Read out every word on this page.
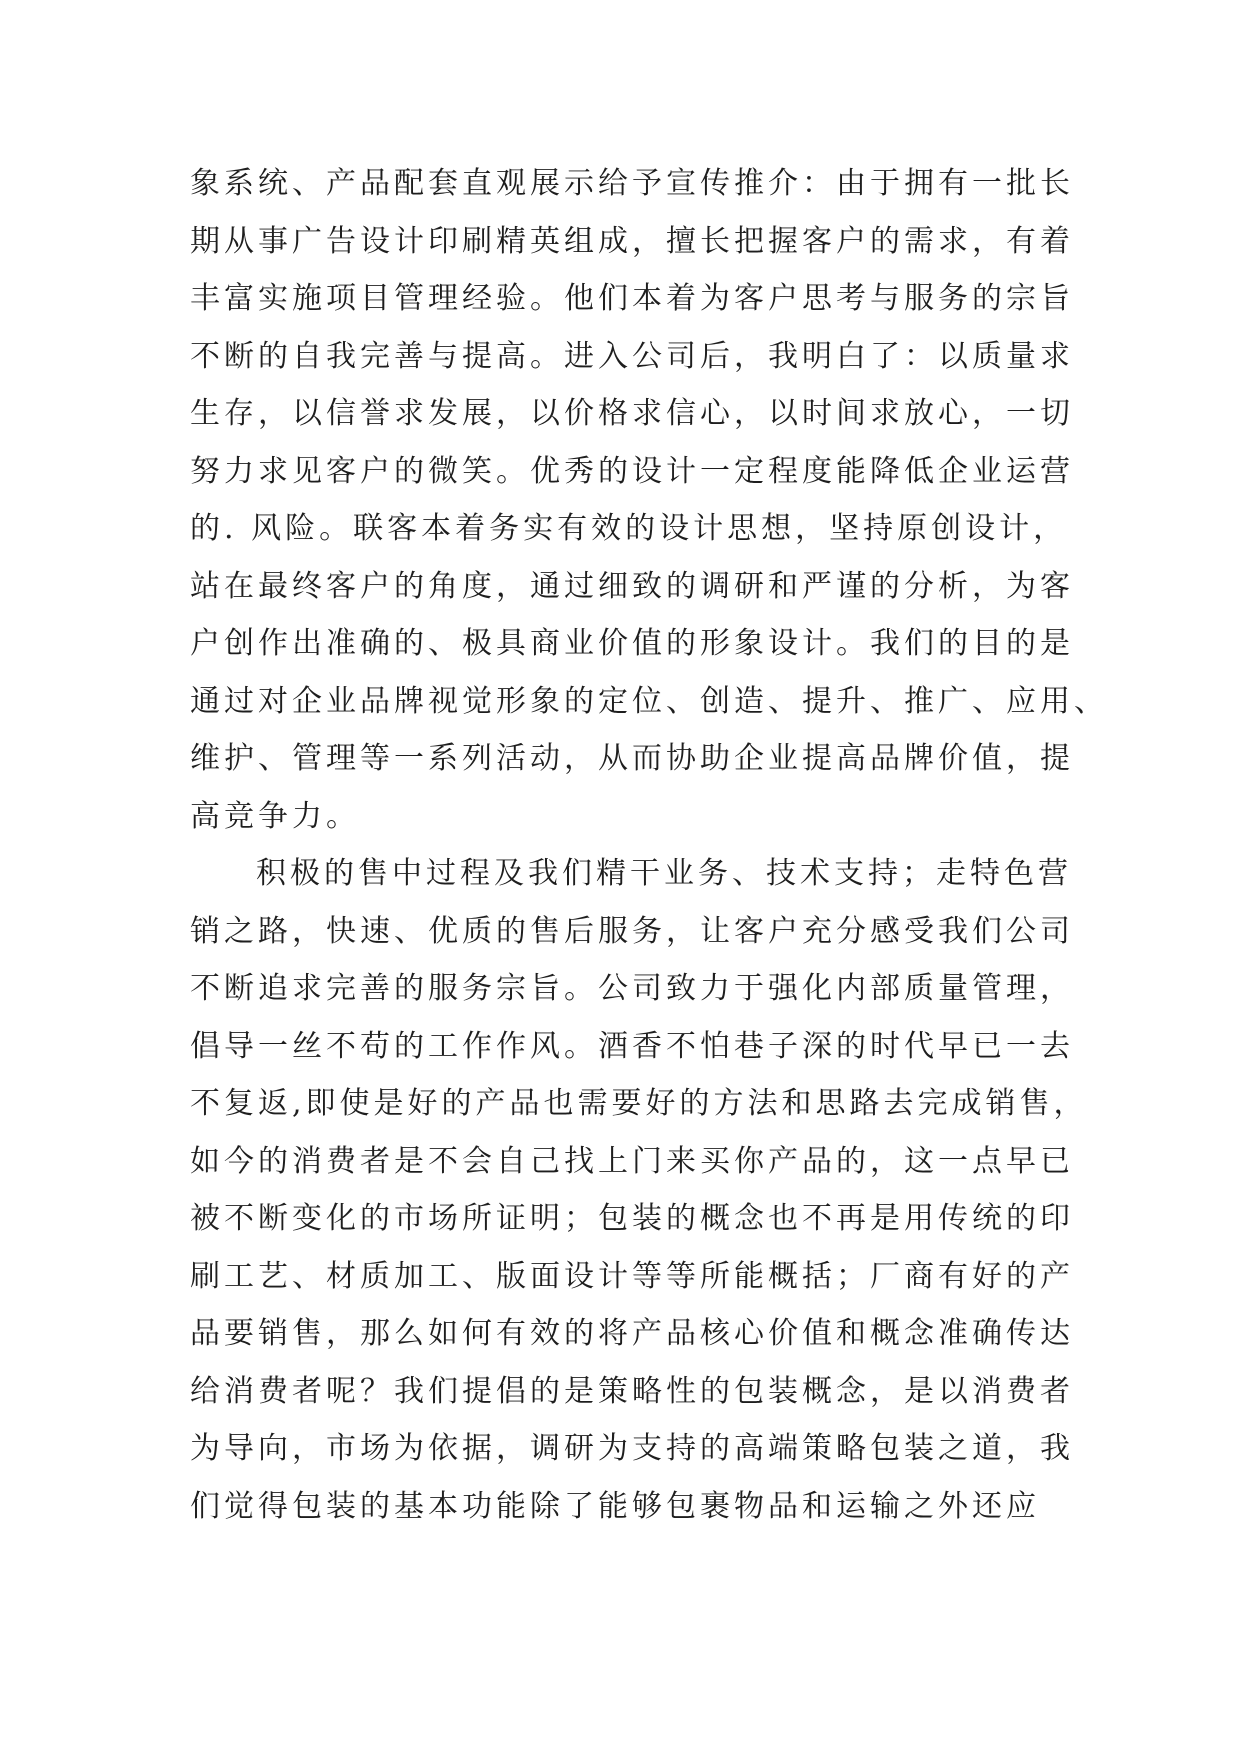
象系统、产品配套直观展示给予宣传推介：由于拥有一批长
期从事广告设计印刷精英组成，擅长把握客户的需求，有着
丰富实施项目管理经验。他们本着为客户思考与服务的宗旨
不断的自我完善与提高。进入公司后，我明白了：以质量求
生存，以信誉求发展，以价格求信心，以时间求放心，一切
努力求见客户的微笑。优秀的设计一定程度能降低企业运营
的. 风险。联客本着务实有效的设计思想，坚持原创设计，
站在最终客户的角度，通过细致的调研和严谨的分析，为客
户创作出准确的、极具商业价值的形象设计。我们的目的是
通过对企业品牌视觉形象的定位、创造、提升、推广、应用、
维护、管理等一系列活动，从而协助企业提高品牌价值，提
高竞争力。
积极的售中过程及我们精干业务、技术支持；走特色营
销之路，快速、优质的售后服务，让客户充分感受我们公司
不断追求完善的服务宗旨。公司致力于强化内部质量管理，
倡导一丝不苟的工作作风。酒香不怕巷子深的时代早已一去
不复返,即使是好的产品也需要好的方法和思路去完成销售，
如今的消费者是不会自己找上门来买你产品的，这一点早已
被不断变化的市场所证明；包装的概念也不再是用传统的印
刷工艺、材质加工、版面设计等等所能概括；厂商有好的产
品要销售，那么如何有效的将产品核心价值和概念准确传达
给消费者呢？我们提倡的是策略性的包装概念，是以消费者
为导向，市场为依据，调研为支持的高端策略包装之道，我
们觉得包装的基本功能除了能够包裹物品和运输之外还应
